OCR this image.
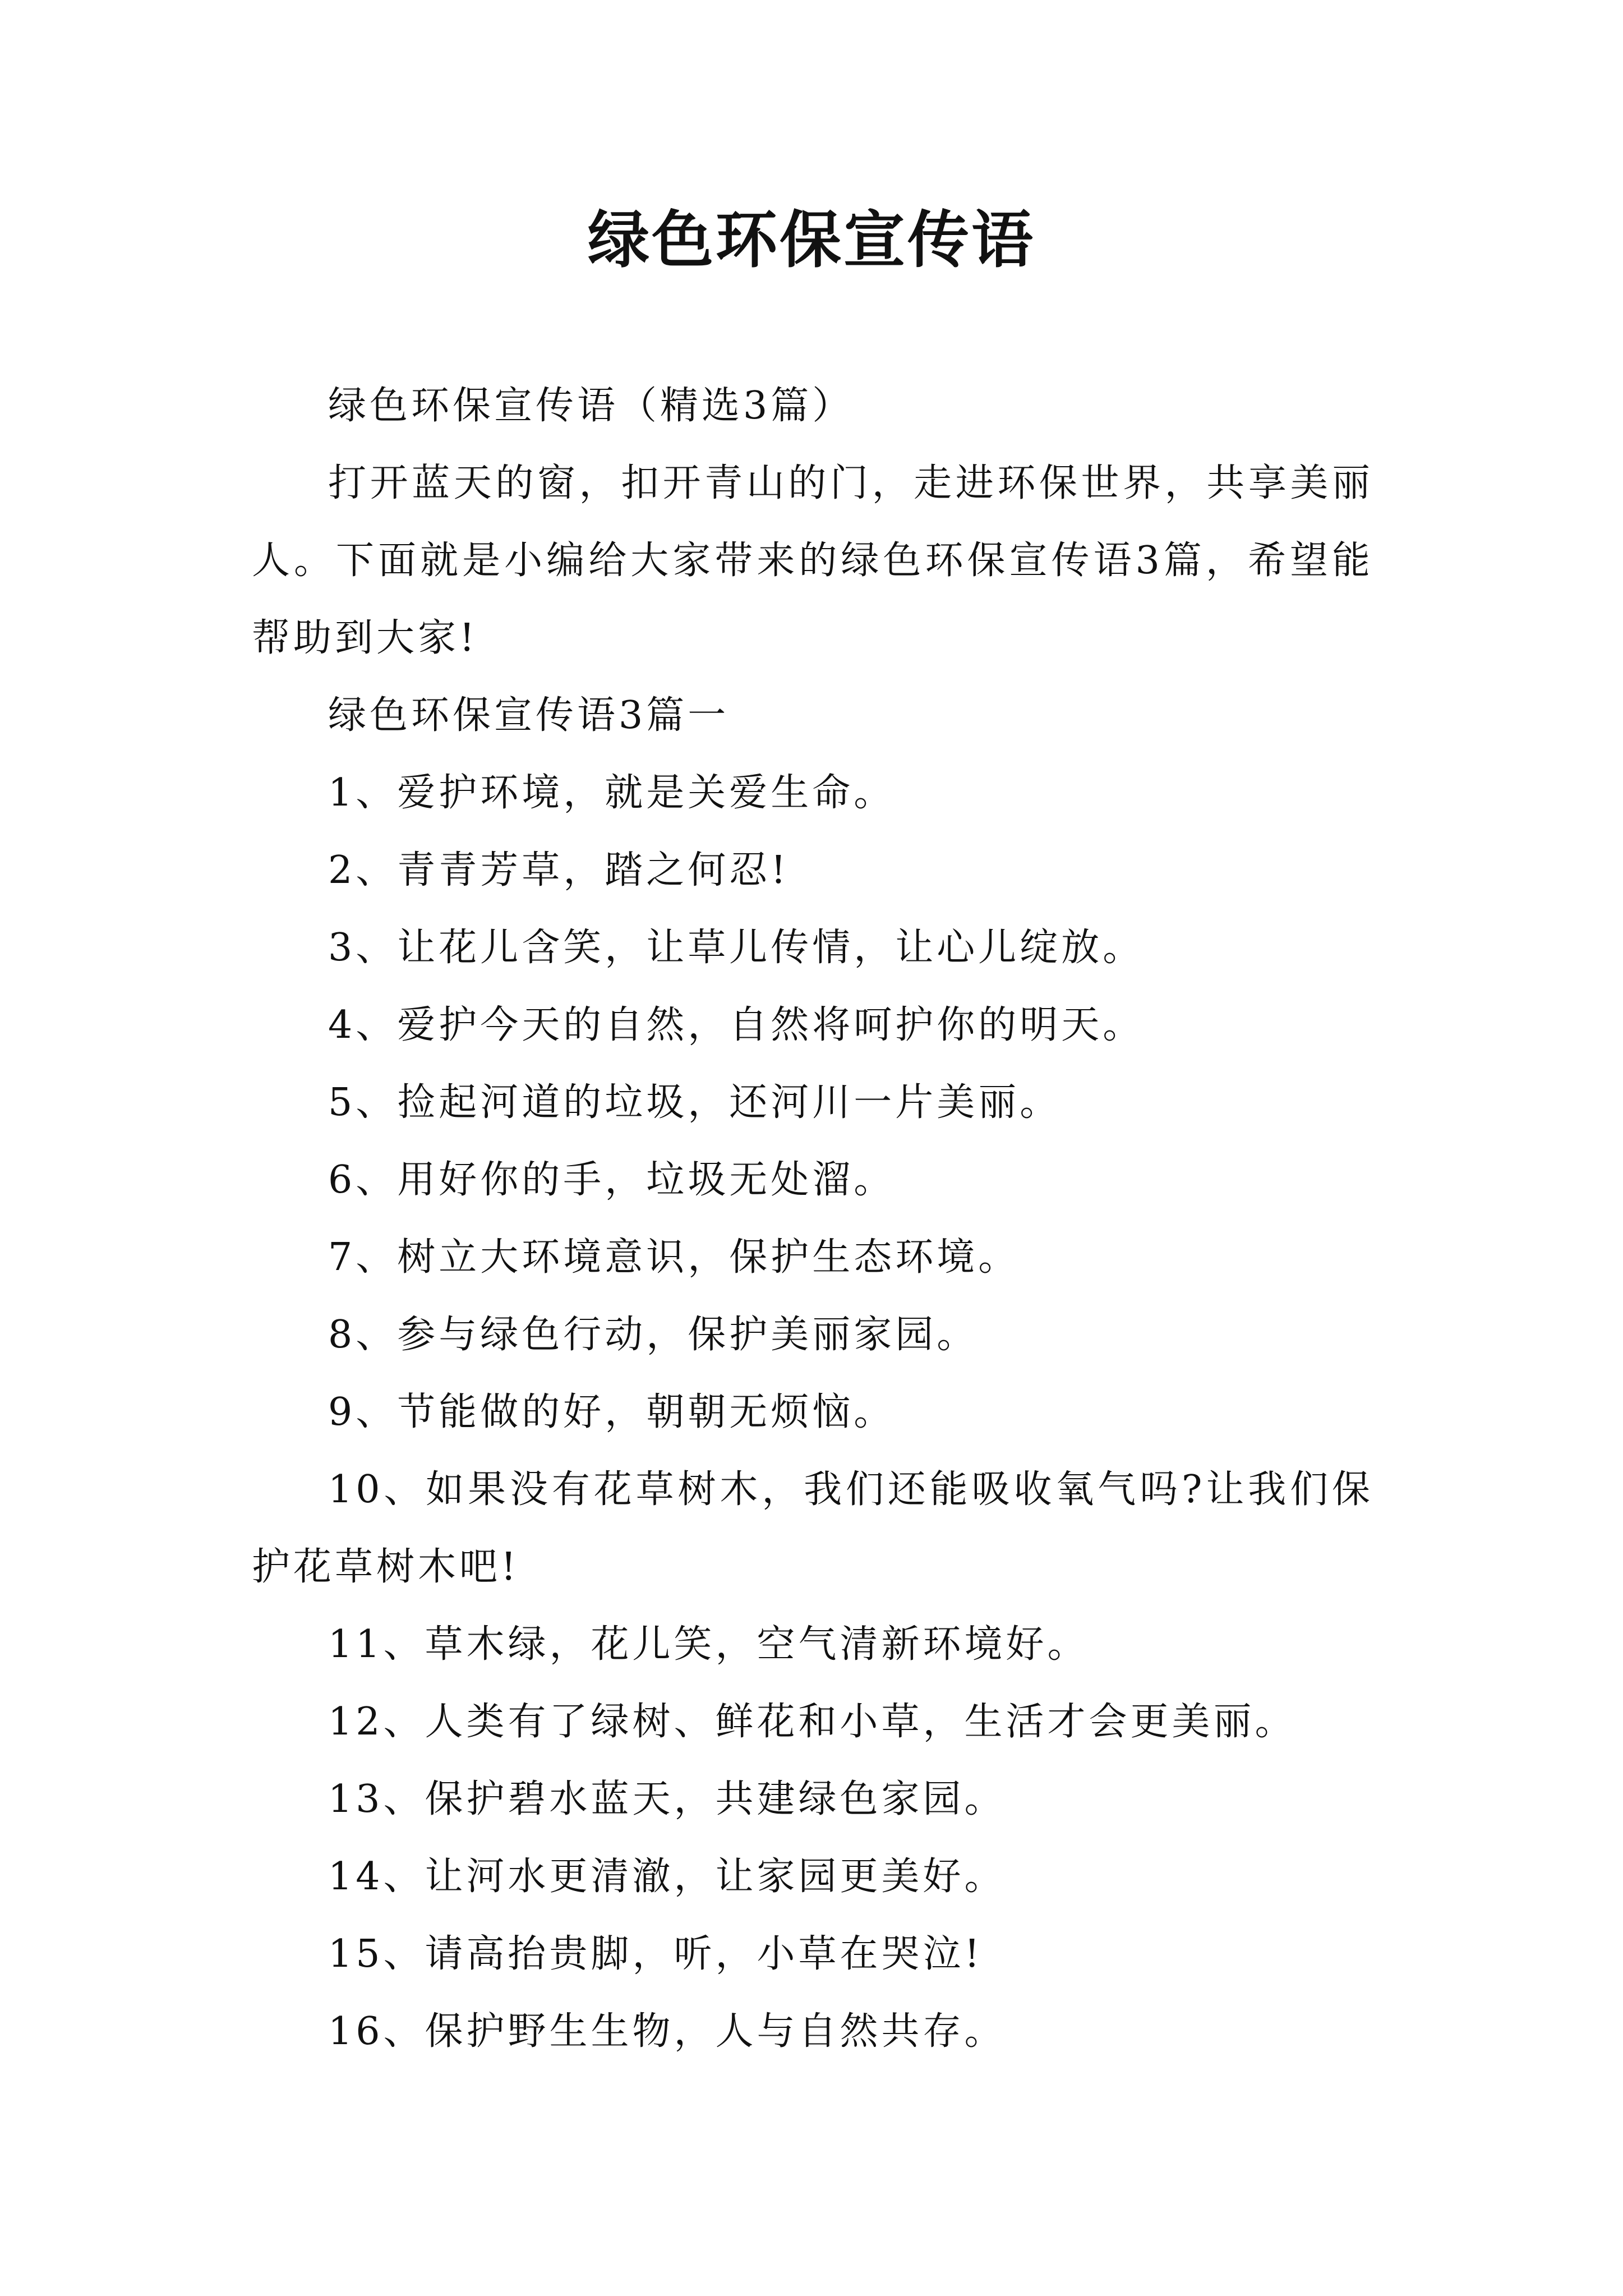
绿色环保宣传语

绿色环保宣传语（精选3篇）

打开蓝天的窗，扣开青山的门，走进环保世界，共享美丽人。下面就是小编给大家带来的绿色环保宣传语3篇，希望能帮助到大家!

绿色环保宣传语3篇一

1、爱护环境，就是关爱生命。

2、青青芳草，踏之何忍!

3、让花儿含笑，让草儿传情，让心儿绽放。

4、爱护今天的自然，自然将呵护你的明天。

5、捡起河道的垃圾，还河川一片美丽。

6、用好你的手，垃圾无处溜。

7、树立大环境意识，保护生态环境。

8、参与绿色行动，保护美丽家园。

9、节能做的好，朝朝无烦恼。

10、如果没有花草树木，我们还能吸收氧气吗?让我们保护花草树木吧!

11、草木绿，花儿笑，空气清新环境好。

12、人类有了绿树、鲜花和小草，生活才会更美丽。

13、保护碧水蓝天，共建绿色家园。

14、让河水更清澈，让家园更美好。

15、请高抬贵脚，听，小草在哭泣!

16、保护野生生物，人与自然共存。
